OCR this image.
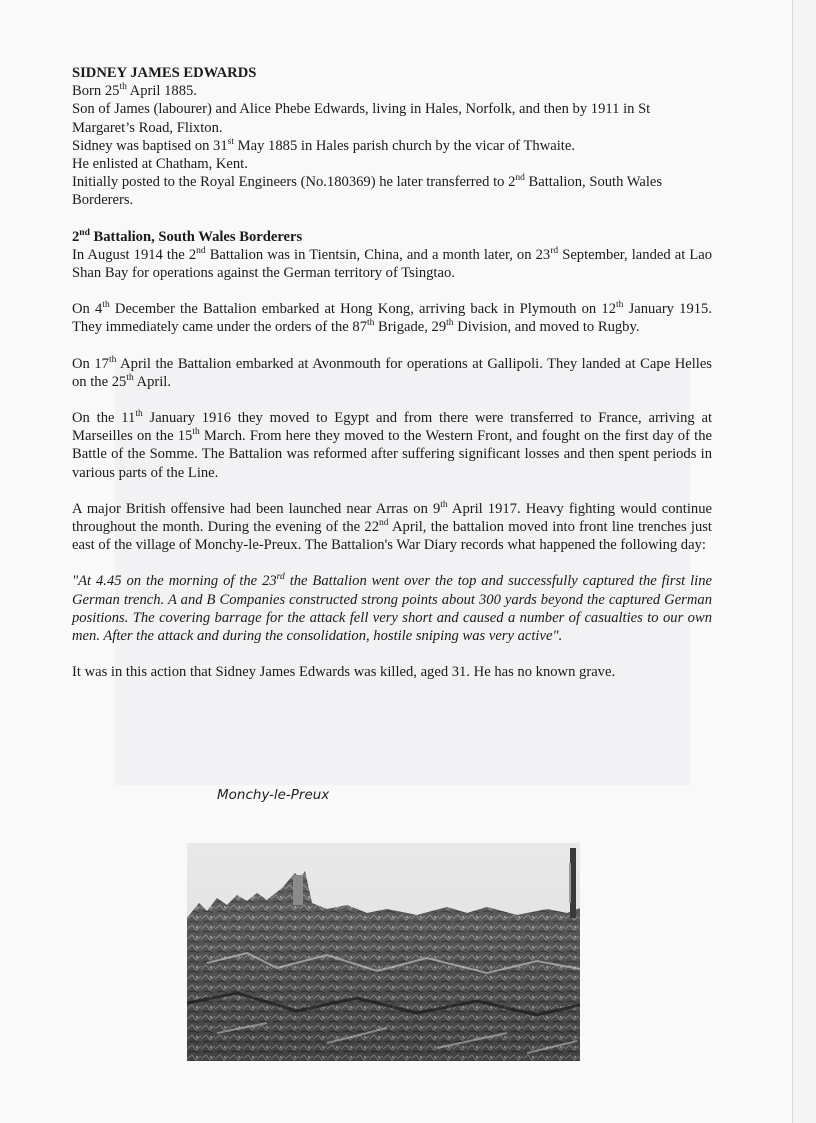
SIDNEY JAMES EDWARDS

Born 25th April 1885.

Son of James (labourer) and Alice Phebe Edwards, living in Hales, Norfolk, and then by 1911 in St Margaret’s Road, Flixton.

Sidney was baptised on 31st May 1885 in Hales parish church by the vicar of Thwaite.

He enlisted at Chatham, Kent.

Initially posted to the Royal Engineers (No.180369) he later transferred to 2nd Battalion, South Wales Borderers.

2nd Battalion, South Wales Borderers

In August 1914 the 2nd Battalion was in Tientsin, China, and a month later, on 23rd September, landed at Lao Shan Bay for operations against the German territory of Tsingtao.

On 4th December the Battalion embarked at Hong Kong, arriving back in Plymouth on 12th January 1915. They immediately came under the orders of the 87th Brigade, 29th Division, and moved to Rugby.

On 17th April the Battalion embarked at Avonmouth for operations at Gallipoli. They landed at Cape Helles on the 25th April.

On the 11th January 1916 they moved to Egypt and from there were transferred to France, arriving at Marseilles on the 15th March. From here they moved to the Western Front, and fought on the first day of the Battle of the Somme. The Battalion was reformed after suffering significant losses and then spent periods in various parts of the Line.

A major British offensive had been launched near Arras on 9th April 1917. Heavy fighting would continue throughout the month. During the evening of the 22nd April, the battalion moved into front line trenches just east of the village of Monchy-le-Preux. The Battalion's War Diary records what happened the following day:

"At 4.45 on the morning of the 23rd the Battalion went over the top and successfully captured the first line German trench. A and B Companies constructed strong points about 300 yards beyond the captured German positions. The covering barrage for the attack fell very short and caused a number of casualties to our own men. After the attack and during the consolidation, hostile sniping was very active".

It was in this action that Sidney James Edwards was killed, aged 31. He has no known grave.

Monchy-le-Preux
